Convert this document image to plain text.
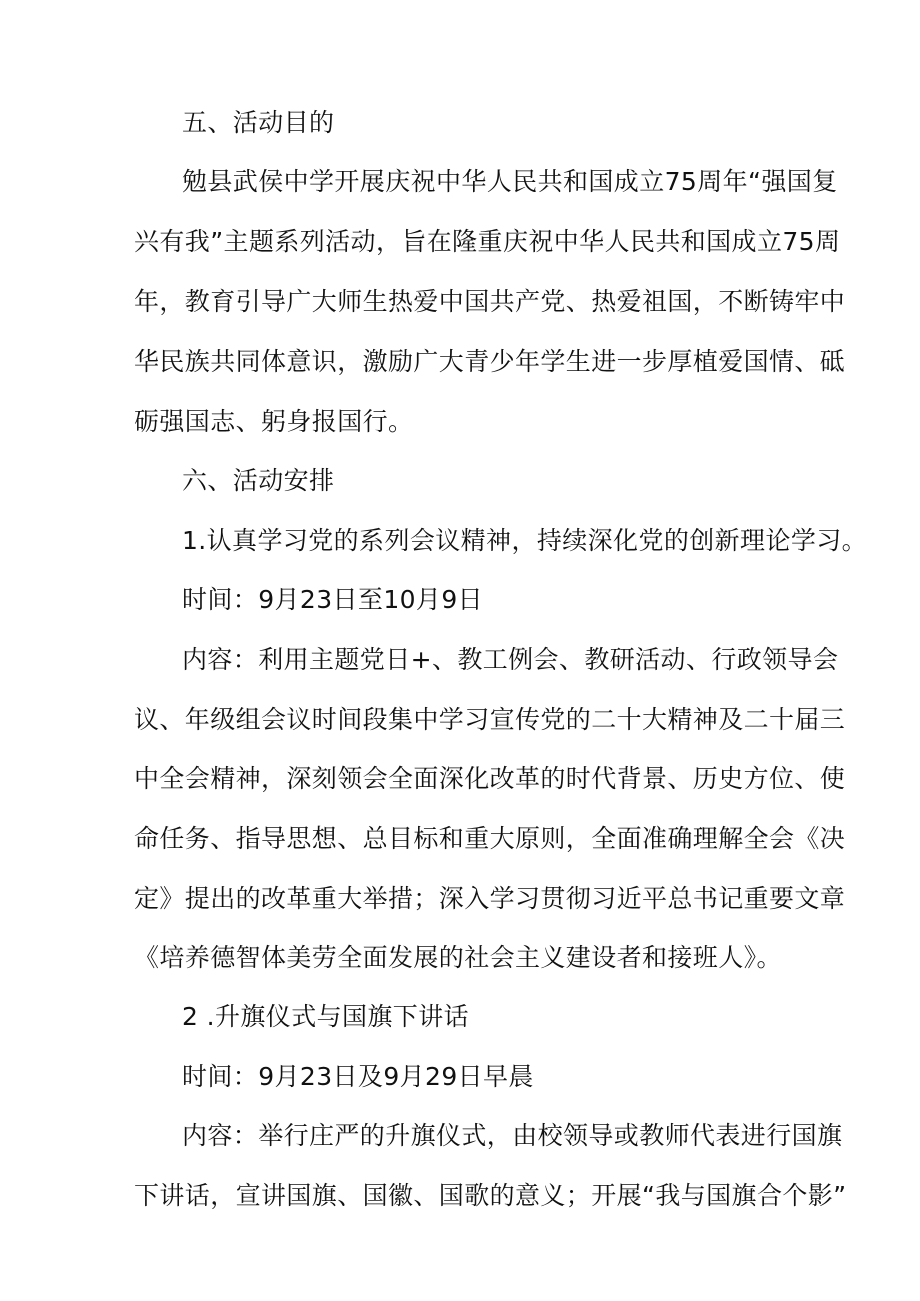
五、活动目的
勉县武侯中学开展庆祝中华人民共和国成立75周年“强国复
兴有我”主题系列活动，旨在隆重庆祝中华人民共和国成立75周
年，教育引导广大师生热爱中国共产党、热爱祖国，不断铸牢中
华民族共同体意识，激励广大青少年学生进一步厚植爱国情、砥
砺强国志、躬身报国行。
六、活动安排
1.认真学习党的系列会议精神，持续深化党的创新理论学习。
时间：9月23日至10月9日
内容：利用主题党日+、教工例会、教研活动、行政领导会
议、年级组会议时间段集中学习宣传党的二十大精神及二十届三
中全会精神，深刻领会全面深化改革的时代背景、历史方位、使
命任务、指导思想、总目标和重大原则，全面准确理解全会《决
定》提出的改革重大举措；深入学习贯彻习近平总书记重要文章
《培养德智体美劳全面发展的社会主义建设者和接班人》。
2 .升旗仪式与国旗下讲话
时间：9月23日及9月29日早晨
内容：举行庄严的升旗仪式，由校领导或教师代表进行国旗
下讲话，宣讲国旗、国徽、国歌的意义；开展“我与国旗合个影”
